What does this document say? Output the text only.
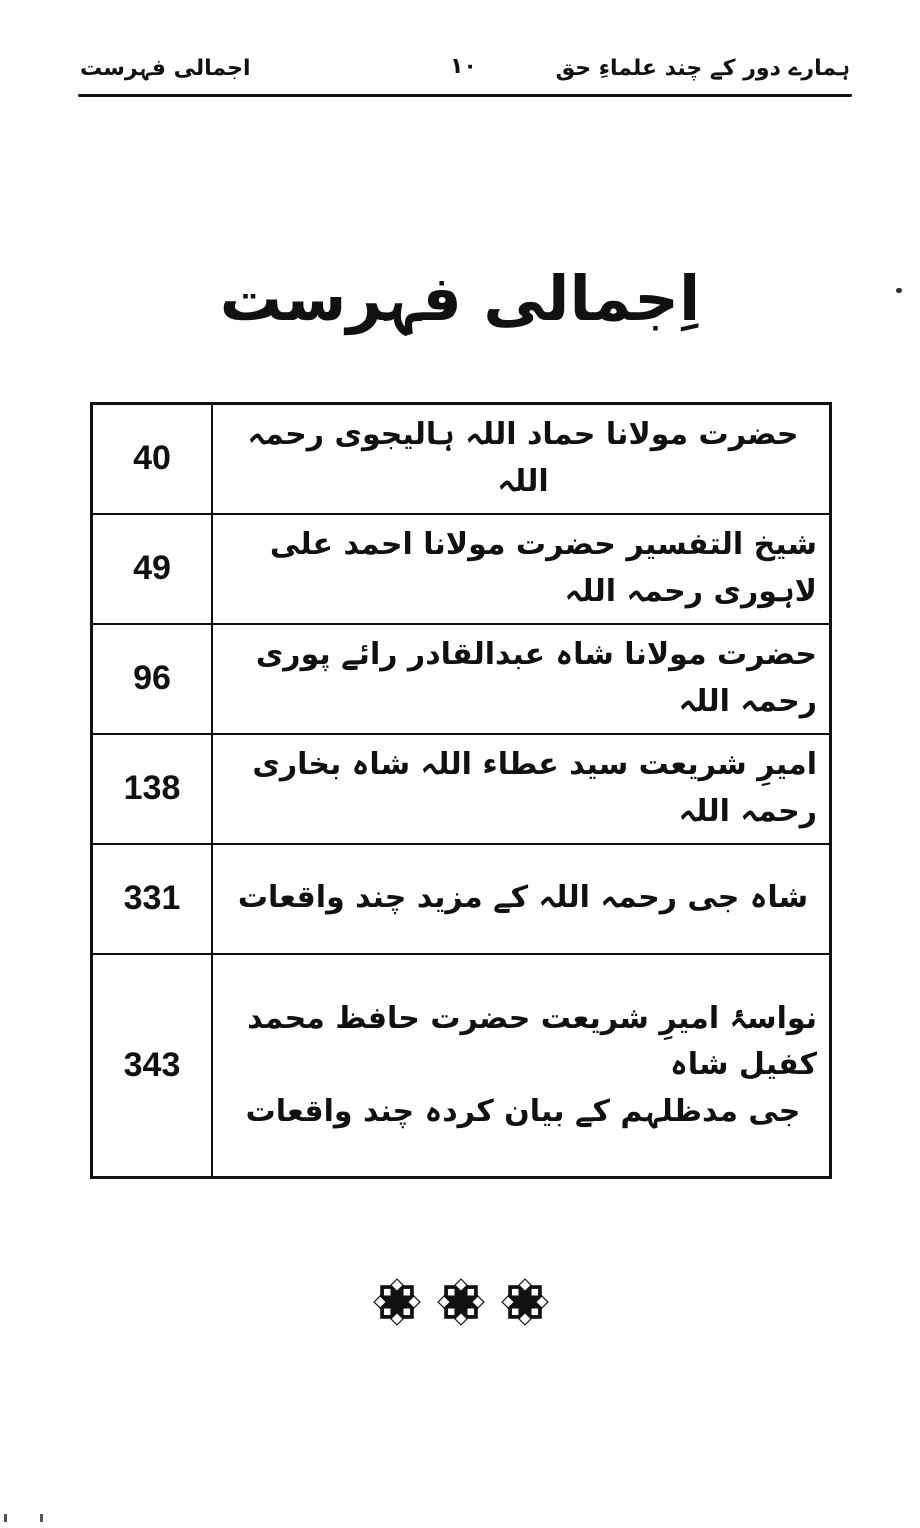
اجمالی فہرست	۱۰	ہمارے دور کے چند علماءِ حق
اِجمالی فہرست
40	حضرت مولانا حماد اللہ ہالیجوی رحمہ اللہ

49	شیخ التفسیر حضرت مولانا احمد علی لاہوری رحمہ اللہ

96	حضرت مولانا شاہ عبدالقادر رائے پوری رحمہ اللہ

138	امیرِ شریعت سید عطاء اللہ شاہ بخاری رحمہ اللہ

331	شاہ جی رحمہ اللہ کے مزید چند واقعات

343	نواسۂ امیرِ شریعت حضرت حافظ محمد کفیل شاہ
جی مدظلہم کے بیان کردہ چند واقعات
